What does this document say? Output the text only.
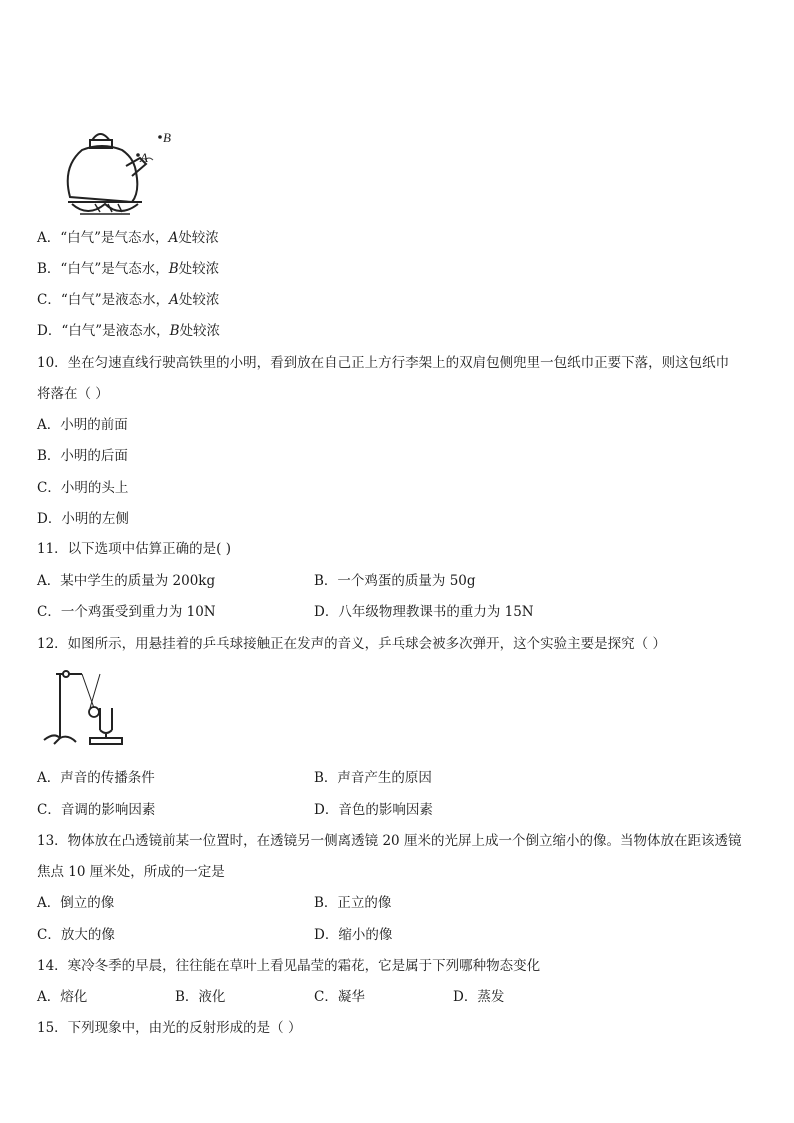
A
B
A．“白气”是气态水，A处较浓
B．“白气”是气态水，B处较浓
C．“白气”是液态水，A处较浓
D．“白气”是液态水，B处较浓
10．坐在匀速直线行驶高铁里的小明，看到放在自己正上方行李架上的双肩包侧兜里一包纸巾正要下落，则这包纸巾
将落在（ ）
A．小明的前面
B．小明的后面
C．小明的头上
D．小明的左侧
11．以下选项中估算正确的是( )
A．某中学生的质量为 200kg	B．一个鸡蛋的质量为 50g
C．一个鸡蛋受到重力为 10N	D．八年级物理教课书的重力为 15N
12．如图所示，用悬挂着的乒乓球接触正在发声的音义，乒乓球会被多次弹开，这个实验主要是探究（ ）
A．声音的传播条件	B．声音产生的原因
C．音调的影响因素	D．音色的影响因素
13．物体放在凸透镜前某一位置时，在透镜另一侧离透镜 20 厘米的光屏上成一个倒立缩小的像。当物体放在距该透镜
焦点 10 厘米处，所成的一定是
A．倒立的像	B．正立的像
C．放大的像	D．缩小的像
14．寒冷冬季的早晨，往往能在草叶上看见晶莹的霜花，它是属于下列哪种物态变化
A．熔化	B．液化	C．凝华	D．蒸发
15．下列现象中，由光的反射形成的是（ ）
